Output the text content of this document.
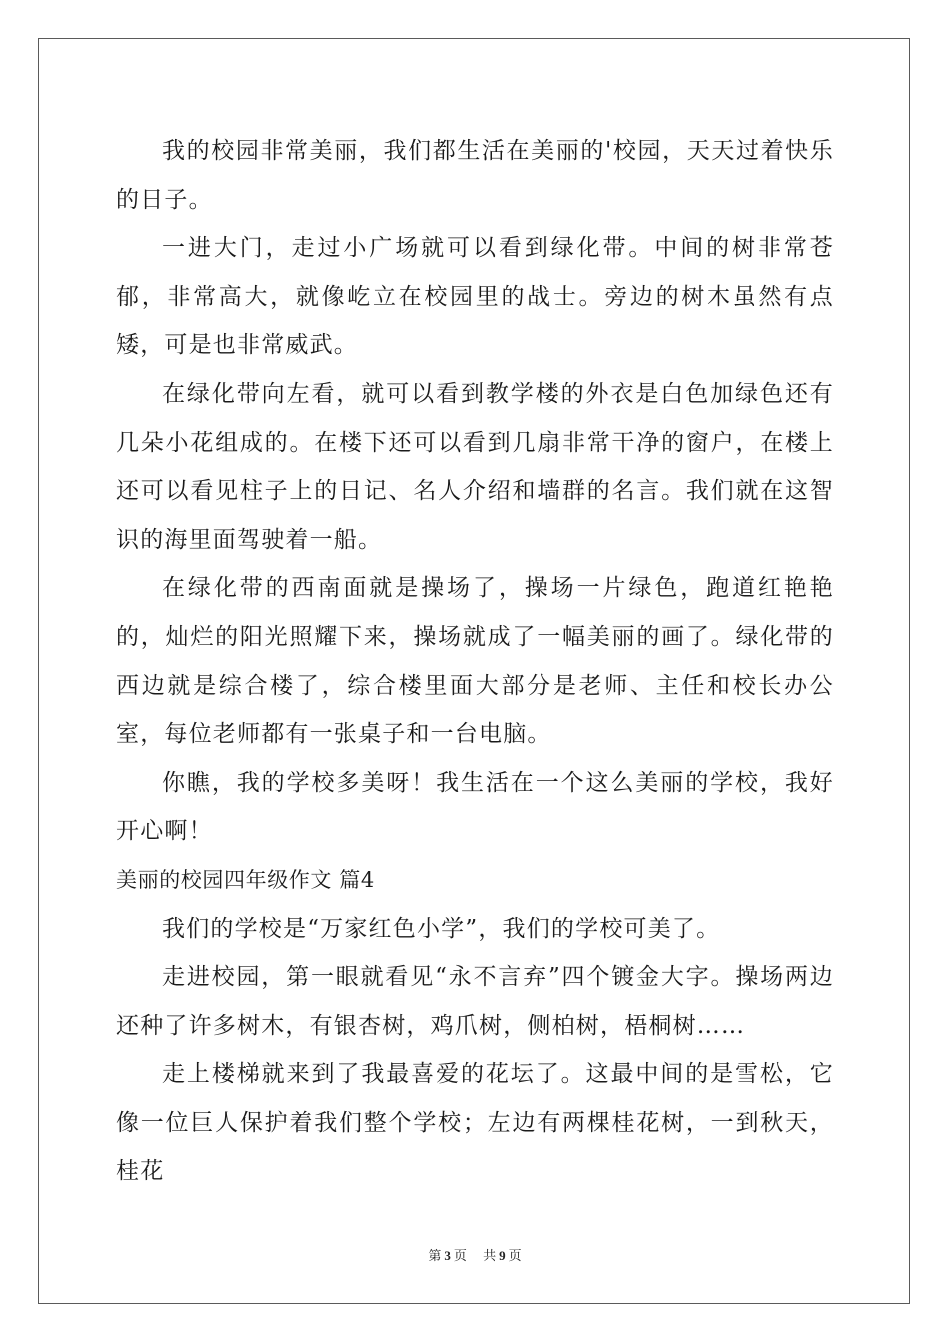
我的校园非常美丽，我们都生活在美丽的'校园，天天过着快乐的日子。

一进大门，走过小广场就可以看到绿化带。中间的树非常苍郁，非常高大，就像屹立在校园里的战士。旁边的树木虽然有点矮，可是也非常威武。

在绿化带向左看，就可以看到教学楼的外衣是白色加绿色还有几朵小花组成的。在楼下还可以看到几扇非常干净的窗户，在楼上还可以看见柱子上的日记、名人介绍和墙群的名言。我们就在这智识的海里面驾驶着一船。

在绿化带的西南面就是操场了，操场一片绿色，跑道红艳艳的，灿烂的阳光照耀下来，操场就成了一幅美丽的画了。绿化带的西边就是综合楼了，综合楼里面大部分是老师、主任和校长办公室，每位老师都有一张桌子和一台电脑。

你瞧，我的学校多美呀！我生活在一个这么美丽的学校，我好开心啊！

美丽的校园四年级作文 篇4

我们的学校是“万家红色小学”，我们的学校可美了。

走进校园，第一眼就看见“永不言弃”四个镀金大字。操场两边还种了许多树木，有银杏树，鸡爪树，侧柏树，梧桐树……

走上楼梯就来到了我最喜爱的花坛了。这最中间的是雪松，它像一位巨人保护着我们整个学校；左边有两棵桂花树，一到秋天，桂花

第 3 页 共 9 页
